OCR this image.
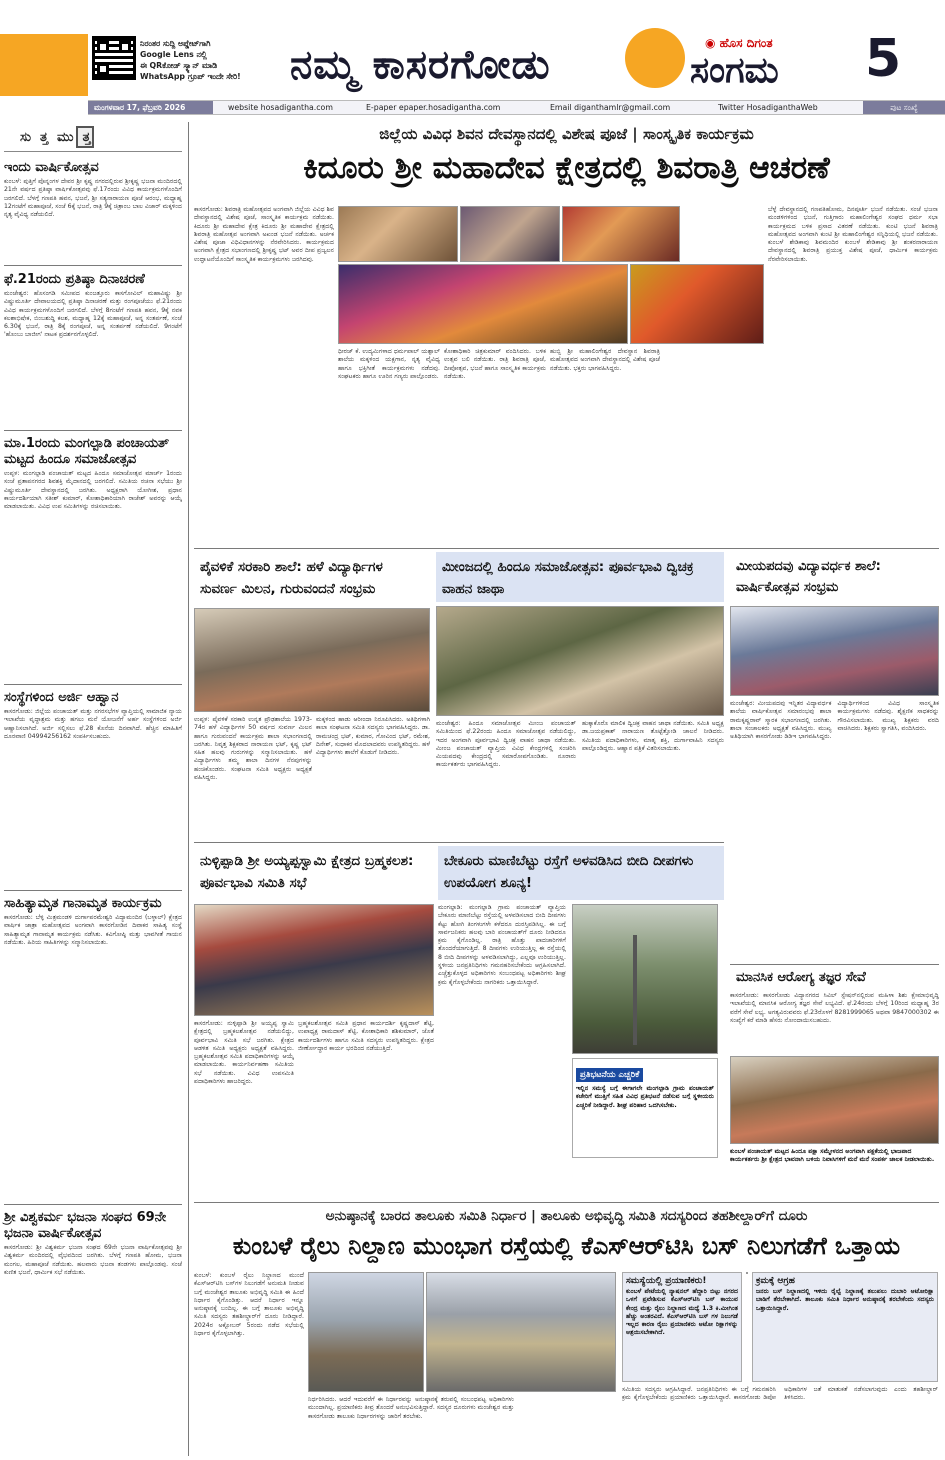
ನಿರಂತರ ಸುದ್ದಿ ಅಪ್ಡೇಟ್‌ಗಾಗಿ
Google Lens ನಲ್ಲಿ
ಈ QRಕೋಡ್ ಸ್ಕ್ಯಾನ್ ಮಾಡಿ
WhatsApp ಗ್ರೂಪ್ ಇಂದೇ ಸೇರಿ!	ನಮ್ಮ ಕಾಸರಗೋಡು	◉ ಹೊಸ ದಿಗಂತ
ಸಂಗಮ 5
ಮಂಗಳವಾರ 17, ಫೆಬ್ರವರಿ 2026	website hosadigantha.com	E-paper epaper.hosadigantha.com	Email diganthamlr@gmail.com	Twitter HosadiganthaWeb	ಪುಟ ಸಂಖ್ಯೆ
ಸುತ್ತಮುತ್ತ
ಇಂದು ವಾರ್ಷಿಕೋತ್ಸವ
ಕುಂಬಳೆ: ಪುತ್ತಿಗೆ ಪೊನ್ನಂಗಳ ದೇವರ ಶ್ರೀ ಕೃಷ್ಣ ನಗರದಲ್ಲಿರುವ ಶ್ರೀಕೃಷ್ಣ ಭಜನಾ ಮಂದಿರದಲ್ಲಿ 21ನೇ ವರ್ಷದ ಪ್ರತಿಷ್ಠಾ ವಾರ್ಷಿಕೋತ್ಸವವು ಫೆ.17ರಂದು ವಿವಿಧ ಕಾರ್ಯಕ್ರಮಗಳೊಂದಿಗೆ ಜರಗಲಿದೆ. ಬೆಳಗ್ಗೆ ಗಣಪತಿ ಹವನ, ಭಜನೆ, ಶ್ರೀ ಸತ್ಯನಾರಾಯಣ ಪೂಜೆ ಆರಂಭ, ಮಧ್ಯಾಹ್ನ 12ಗಂಟೆಗೆ ಮಹಾಪೂಜೆ, ಸಂಜೆ 6ಕ್ಕೆ ಭಜನೆ, ರಾತ್ರಿ 9ಕ್ಕೆ ಚಿತ್ರಾಂಬ ಬಾಲ ವಿಜಾರ್ ಮಕ್ಕಳಿಂದ ನೃತ್ಯ ವೈವಿಧ್ಯ ನಡೆಯಲಿದೆ.
ಫೆ.21ರಂದು ಪ್ರತಿಷ್ಠಾ ದಿನಾಚರಣೆ
ಮಂಜೇಶ್ವರ: ಹೊಸಂಗಡಿ ಸಮೀಪದ ಕುಂಜತ್ತೂರು ಕಾಸಗೋವಿಲ್ ಮಹಾವಿಷ್ಣು ಶ್ರೀ ವಿಷ್ಣುಮೂರ್ತಿ ದೇವಾಲಯದಲ್ಲಿ ಪ್ರತಿಷ್ಠಾ ದಿನಾಚರಣೆ ಮತ್ತು ರಂಗಪೂಜೆಯು ಫೆ.21ರಂದು ವಿವಿಧ ಕಾರ್ಯಕ್ರಮಗಳೊಂದಿಗೆ ಜರಗಲಿದೆ. ಬೆಳಗ್ಗೆ 8ಗಂಟೆಗೆ ಗಣಪತಿ ಹವನ, 9ಕ್ಕೆ ನವಕ ಕಲಶಾಭಿಷೇಕ, ಬಿಂಬಶುದ್ಧಿ ಕಲಶ, ಮಧ್ಯಾಹ್ನ 12ಕ್ಕೆ ಮಹಾಪೂಜೆ, ಅನ್ನ ಸಂತರ್ಪಣೆ, ಸಂಜೆ 6.30ಕ್ಕೆ ಭಜನೆ, ರಾತ್ರಿ 8ಕ್ಕೆ ರಂಗಪೂಜೆ, ಅನ್ನ ಸಂತರ್ಪಣೆ ನಡೆಯಲಿದೆ. 9ಗಂಟೆಗೆ 'ಹೊಂಬು ಬಾಜೀಗ' ನಾಟಕ ಪ್ರದರ್ಶನಗೊಳ್ಳಲಿದೆ.
ಮಾ.1ರಂದು ಮಂಗಲ್ಪಾಡಿ ಪಂಚಾಯತ್ ಮಟ್ಟದ ಹಿಂದೂ ಸಮಾಜೋತ್ಸವ
ಉಪ್ಪಳ: ಮಂಗಲ್ಪಾಡಿ ಪಂಚಾಯತ್ ಮಟ್ಟದ ಹಿಂದೂ ಸಮಾಜೋತ್ಸವ ಮಾರ್ಚ್ 1ರಂದು ಸಂಜೆ ಪ್ರತಾಪನಗರದ ಶಿವಶಕ್ತಿ ಮೈದಾನದಲ್ಲಿ ಜರಗಲಿದೆ. ಸಮಿತಿಯ ರಚನಾ ಸಭೆಯು ಶ್ರೀ ವಿಷ್ಣುಮೂರ್ತಿ ದೇವಸ್ಥಾನದಲ್ಲಿ ಜರಗಿತು. ಅಧ್ಯಕ್ಷರಾಗಿ ಯೋಗೀಶ, ಪ್ರಧಾನ ಕಾರ್ಯದರ್ಶಿಯಾಗಿ ಸತೀಶ್ ಕುಮಾರ್, ಕೋಶಾಧಿಕಾರಿಯಾಗಿ ರಾಜೇಶ್ ಅವರನ್ನು ಆಯ್ಕೆ ಮಾಡಲಾಯಿತು. ವಿವಿಧ ಉಪ ಸಮಿತಿಗಳನ್ನು ರಚಿಸಲಾಯಿತು.
ಸಂಸ್ಥೆಗಳಿಂದ ಅರ್ಜಿ ಆಹ್ವಾನ
ಕಾಸರಗೋಡು: ಜಿಲ್ಲೆಯ ಪಂಚಾಯತ್ ಮತ್ತು ನಗರಸಭೆಗಳ ವ್ಯಾಪ್ತಿಯಲ್ಲಿ ಸಾಮಾಜಿಕ ನ್ಯಾಯ ಇಲಾಖೆಯ ವೃದ್ಧಾಶ್ರಮ ಮತ್ತು ಹಗಲು ಮನೆ ಯೋಜನೆಗೆ ಅರ್ಹ ಸಂಸ್ಥೆಗಳಿಂದ ಅರ್ಜಿ ಆಹ್ವಾನಿಸಲಾಗಿದೆ. ಅರ್ಜಿ ಸಲ್ಲಿಸಲು ಫೆ.28 ಕೊನೆಯ ದಿನವಾಗಿದೆ. ಹೆಚ್ಚಿನ ಮಾಹಿತಿಗೆ ದೂರವಾಣಿ 04994256162 ಸಂಪರ್ಕಿಸಬಹುದು.
ಸಾಹಿತ್ಯಾಮೃತ ಗಾನಾಮೃತ ಕಾರ್ಯಕ್ರಮ
ಕಾಸರಗೋಡು: ಬೆಳ್ಳಿ ಮಿತ್ರಮಂಡಳಿ ದುರ್ಗಾಪರಮೇಶ್ವರಿ ವಿದ್ಯಾಮಂದಿರ (ಬಳ್ಳಾಲ್) ಕ್ಷೇತ್ರದ ವಾರ್ಷಿಕ ಜಾತ್ರಾ ಮಹೋತ್ಸವದ ಅಂಗವಾಗಿ ಕಾಸರಗೋಡಿನ ದಿವಾಕರ ಸಾಹಿತ್ಯ ಸಂಸ್ಥೆ ಸಾಹಿತ್ಯಾಮೃತ ಗಾನಾಮೃತ ಕಾರ್ಯಕ್ರಮ ನಡೆಸಿತು. ಕವಿಗೋಷ್ಠಿ ಮತ್ತು ಭಾವಗೀತೆ ಗಾಯನ ನಡೆಯಿತು. ಹಿರಿಯ ಸಾಹಿತಿಗಳನ್ನು ಸನ್ಮಾನಿಸಲಾಯಿತು.
ಶ್ರೀ ವಿಶ್ವಕರ್ಮ ಭಜನಾ ಸಂಘದ 69ನೇ ಭಜನಾ ವಾರ್ಷಿಕೋತ್ಸವ
ಕಾಸರಗೋಡು: ಶ್ರೀ ವಿಶ್ವಕರ್ಮ ಭಜನಾ ಸಂಘದ 69ನೇ ಭಜನಾ ವಾರ್ಷಿಕೋತ್ಸವವು ಶ್ರೀ ವಿಶ್ವಕರ್ಮ ಮಂದಿರದಲ್ಲಿ ವೈಭವದಿಂದ ಜರಗಿತು. ಬೆಳಗ್ಗೆ ಗಣಪತಿ ಹೋಮ, ಭಜನಾ ಮಂಗಲ, ಮಹಾಪೂಜೆ ನಡೆಯಿತು. ಹಲವಾರು ಭಜನಾ ತಂಡಗಳು ಪಾಲ್ಗೊಂಡವು. ಸಂಜೆ ಕುಣಿತ ಭಜನೆ, ಧಾರ್ಮಿಕ ಸಭೆ ನಡೆಯಿತು.
ಜಿಲ್ಲೆಯ ವಿವಿಧ ಶಿವನ ದೇವಸ್ಥಾನದಲ್ಲಿ ವಿಶೇಷ ಪೂಜೆ | ಸಾಂಸ್ಕೃತಿಕ ಕಾರ್ಯಕ್ರಮ
ಕಿದೂರು ಶ್ರೀ ಮಹಾದೇವ ಕ್ಷೇತ್ರದಲ್ಲಿ ಶಿವರಾತ್ರಿ ಆಚರಣೆ
ಕಾಸರಗೋಡು: ಶಿವರಾತ್ರಿ ಮಹೋತ್ಸವದ ಅಂಗವಾಗಿ ಜಿಲ್ಲೆಯ ವಿವಿಧ ಶಿವ ದೇವಸ್ಥಾನದಲ್ಲಿ ವಿಶೇಷ ಪೂಜೆ, ಸಾಂಸ್ಕೃತಿಕ ಕಾರ್ಯಕ್ರಮ ನಡೆಯಿತು. ಕಿದೂರು ಶ್ರೀ ಮಹಾದೇವ ಕ್ಷೇತ್ರ ಕಿದೂರು ಶ್ರೀ ಮಹಾದೇವ ಕ್ಷೇತ್ರದಲ್ಲಿ ಶಿವರಾತ್ರಿ ಮಹೋತ್ಸವ ಅಂಗವಾಗಿ ಅಖಂಡ ಭಜನೆ ನಡೆಯಿತು. ಅರ್ಚಕ ವಿಶೇಷ ಪೂಜಾ ವಿಧಿವಿಧಾನಗಳನ್ನು ನೆರವೇರಿಸಿದರು. ಕಾರ್ಯಕ್ರಮದ ಅಂಗವಾಗಿ ಕ್ಷೇತ್ರದ ಸಭಾಂಗಣದಲ್ಲಿ ಶ್ರೀಕೃಷ್ಣ ಭಟ್ ಅವರ ದೀಪ ಪ್ರಜ್ವಲನ ಉದ್ಘಾಟನೆಯೊಂದಿಗೆ ಸಾಂಸ್ಕೃತಿಕ ಕಾರ್ಯಕ್ರಮಗಳು ಜರಗಿದವು.
ಧೀರಜ್ ಕೆ. ಉದ್ಯಮಿಗಳಾದ ಧರ್ಮಪಾಲ್ ಯಶ್ಪಾಲ್ ಶಾಲೆಯ ಮಕ್ಕಳಿಂದ ಯಕ್ಷಗಾನ, ನೃತ್ಯ ವೈವಿಧ್ಯ ಹಾಗೂ ಭಕ್ತಿಗೀತೆ ಕಾರ್ಯಕ್ರಮಗಳು ನಡೆದವು. ಸಂಘಟಕರು ಹಾಗೂ ಊರಿನ ಗಣ್ಯರು ಪಾಲ್ಗೊಂಡರು.
ಕೋಶಾಧಿಕಾರಿ ಚಿತ್ರಕುಮಾರ್ ವಂದಿಸಿದರು. ಬಳಿಕ ಉತ್ಸವ ಬಲಿ ನಡೆಯಿತು. ರಾತ್ರಿ ಶಿವರಾತ್ರಿ ಪೂಜೆ, ದೀಪೋತ್ಸವ, ಭಜನೆ ಹಾಗೂ ಸಾಂಸ್ಕೃತಿಕ ಕಾರ್ಯಕ್ರಮ ನಡೆಯಿತು.
ಹುಬ್ಬಿ ಶ್ರೀ ಮಹಾಲಿಂಗೇಶ್ವರ ದೇವಸ್ಥಾನ ಶಿವರಾತ್ರಿ ಮಹೋತ್ಸವದ ಅಂಗವಾಗಿ ದೇವಸ್ಥಾನದಲ್ಲಿ ವಿಶೇಷ ಪೂಜೆ ನಡೆಯಿತು. ಭಕ್ತರು ಭಾಗವಹಿಸಿದ್ದರು.
ಬೆಳ್ಳೆ ದೇವಸ್ಥಾನದಲ್ಲಿ ಗಣಪತಿಹೋಮ, ದಿನಪೂರ್ತಿ ಭಜನೆ ನಡೆಯಿತು. ಸಂಜೆ ಭಜನಾ ಮಂಡಳಿಗಳಿಂದ ಭಜನೆ, ಗುತ್ತಿಗಾರು ಮಹಾಲಿಂಗೇಶ್ವರ ಸಂಘದ ಧರ್ಮ ಸಭಾ ಕಾರ್ಯಕ್ರಮದ ಬಳಿಕ ಪ್ರಸಾದ ವಿತರಣೆ ನಡೆಯಿತು. ಕುಂಟಿ ಭಜನೆ ಶಿವರಾತ್ರಿ ಮಹೋತ್ಸವದ ಅಂಗವಾಗಿ ಕುಂಟಿ ಶ್ರೀ ಮಹಾಲಿಂಗೇಶ್ವರ ಸನ್ನಿಧಿಯಲ್ಲಿ ಭಜನೆ ನಡೆಯಿತು. ಕುಂಬಳೆ ಶೇಡಿಕಾವು ಶಿವಮಂದಿರ ಕುಂಬಳೆ ಶೇಡಿಕಾವು ಶ್ರೀ ಶಂಕರನಾರಾಯಣ ದೇವಸ್ಥಾನದಲ್ಲಿ ಶಿವರಾತ್ರಿ ಪ್ರಯುಕ್ತ ವಿಶೇಷ ಪೂಜೆ, ಧಾರ್ಮಿಕ ಕಾರ್ಯಕ್ರಮ ನೆರವೇರಿಸಲಾಯಿತು.
ಪೈವಳಿಕೆ ಸರಕಾರಿ ಶಾಲೆ: ಹಳೆ ವಿದ್ಯಾರ್ಥಿಗಳ ಸುವರ್ಣ ಮಿಲನ, ಗುರುವಂದನೆ ಸಂಭ್ರಮ
ಉಪ್ಪಳ: ಪೈವಳಿಕೆ ಸರಕಾರಿ ಉನ್ನತ ಪ್ರೌಢಶಾಲೆಯ 1973-74ರ ಹಳೆ ವಿದ್ಯಾರ್ಥಿಗಳ 50 ವರ್ಷದ ಸುವರ್ಣ ಮಿಲನ ಹಾಗೂ ಗುರುವಂದನೆ ಕಾರ್ಯಕ್ರಮ ಶಾಲಾ ಸಭಾಂಗಣದಲ್ಲಿ ಜರಗಿತು. ನಿವೃತ್ತ ಶಿಕ್ಷಕರಾದ ನಾರಾಯಣ ಭಟ್, ಕೃಷ್ಣ ಭಟ್ ಸಹಿತ ಹಲವು ಗುರುಗಳನ್ನು ಸನ್ಮಾನಿಸಲಾಯಿತು. ಹಳೆ ವಿದ್ಯಾರ್ಥಿಗಳು ತಮ್ಮ ಶಾಲಾ ದಿನಗಳ ನೆನಪುಗಳನ್ನು ಹಂಚಿಕೊಂಡರು. ಸಂಘಟನಾ ಸಮಿತಿ ಅಧ್ಯಕ್ಷರು ಅಧ್ಯಕ್ಷತೆ ವಹಿಸಿದ್ದರು.
ಮಕ್ಕಳಿಂದ ಹಾಡು ಆರೀಂದಾ ನಿರೂಪಿಸಿದರು. ಅತಿಥಿಗಳಾಗಿ ಕಾಲಾ ಸಂಘಟನಾ ಸಮಿತಿ ಸದಸ್ಯರು ಭಾಗವಹಿಸಿದ್ದರು. ಡಾ. ರಾಮಚಂದ್ರ ಭಟ್, ಕುಮಾರ, ಗೋವಿಂದ ಭಟ್, ರಮೇಶ, ದಿನೇಶ್, ಸುಧಾಕರ ಮೊದಲಾದವರು ಉಪಸ್ಥಿತರಿದ್ದರು. ಹಳೆ ವಿದ್ಯಾರ್ಥಿಗಳು ಶಾಲೆಗೆ ಕೊಡುಗೆ ನೀಡಿದರು.
ಮೀಂಜದಲ್ಲಿ ಹಿಂದೂ ಸಮಾಜೋತ್ಸವ: ಪೂರ್ವಭಾವಿ ದ್ವಿಚಕ್ರ ವಾಹನ ಜಾಥಾ
ಮಂಜೇಶ್ವರ: ಹಿಂದೂ ಸಮಾಜೋತ್ಸವ ಮೀಂಜ ಪಂಚಾಯತ್ ಸಮಿತಿಯಿಂದ ಫೆ.22ರಂದು ಹಿಂದೂ ಸಮಾಜೋತ್ಸವ ನಡೆಯಲಿದ್ದು, ಇದರ ಅಂಗವಾಗಿ ಪೂರ್ವಭಾವಿ ದ್ವಿಚಕ್ರ ವಾಹನ ಜಾಥಾ ನಡೆಯಿತು. ಮೀಂಜ ಪಂಚಾಯತ್ ವ್ಯಾಪ್ತಿಯ ವಿವಿಧ ಕೇಂದ್ರಗಳಲ್ಲಿ ಸಂಚರಿಸಿ ಮಿಯಪದವು ಕೇಂದ್ರದಲ್ಲಿ ಸಮಾರೋಪಗೊಂಡಿತು. ನೂರಾರು ಕಾರ್ಯಕರ್ತರು ಭಾಗವಹಿಸಿದ್ದರು.
ಹುಕ್ಕಾಕೊರೊ ಮಾಲಿಕ ದ್ವಿಚಕ್ರ ವಾಹನ ಜಾಥಾ ನಡೆಯಿತು. ಸಮಿತಿ ಅಧ್ಯಕ್ಷ ಡಾ.ಜಯಪ್ರಕಾಶ್ ನಾರಾಯಣ ತೊಟ್ಟೆತ್ತೋಡಿ ಚಾಲನೆ ನೀಡಿದರು. ಸಮಿತಿಯ ಪದಾಧಿಕಾರಿಗಳು, ಮಾತೃ ಶಕ್ತಿ, ದುರ್ಗಾವಾಹಿನಿ ಸದಸ್ಯರು ಪಾಲ್ಗೊಂಡಿದ್ದರು. ಆಹ್ವಾನ ಪತ್ರಿಕೆ ವಿತರಿಸಲಾಯಿತು.
ಮೀಯಪದವು ವಿದ್ಯಾವರ್ಧಕ ಶಾಲೆ: ವಾರ್ಷಿಕೋತ್ಸವ ಸಂಭ್ರಮ
ಮಂಜೇಶ್ವರ: ಮೀಯಪದವು ಇನ್ನಿತರ ವಿದ್ಯಾವರ್ಧಕ ಶಾಲೆಯ ವಾರ್ಷಿಕೋತ್ಸವ ಸಮಾರಂಭವು ಶಾಲಾ ರಾಮಕೃಷ್ಣರಾವ್ ಸ್ಮಾರಕ ಸಭಾಂಗಣದಲ್ಲಿ ಜರಗಿತು. ಶಾಲಾ ಸಂಚಾಲಕರು ಅಧ್ಯಕ್ಷತೆ ವಹಿಸಿದ್ದರು. ಮುಖ್ಯ ಅತಿಥಿಯಾಗಿ ಕಾಸರಗೋಡು ಡಿಡಿಇ ಭಾಗವಹಿಸಿದ್ದರು. ವಿದ್ಯಾರ್ಥಿಗಳಿಂದ ವಿವಿಧ ಸಾಂಸ್ಕೃತಿಕ ಕಾರ್ಯಕ್ರಮಗಳು ನಡೆದವು. ಶೈಕ್ಷಣಿಕ ಸಾಧಕರನ್ನು ಗೌರವಿಸಲಾಯಿತು. ಮುಖ್ಯ ಶಿಕ್ಷಕರು ವರದಿ ವಾಚಿಸಿದರು. ಶಿಕ್ಷಕರು ಸ್ವಾಗತಿಸಿ, ವಂದಿಸಿದರು.
ನುಳ್ಳಿಪ್ಪಾಡಿ ಶ್ರೀ ಅಯ್ಯಪ್ಪಸ್ವಾಮಿ ಕ್ಷೇತ್ರದ ಬ್ರಹ್ಮಕಲಶ: ಪೂರ್ವಭಾವಿ ಸಮಿತಿ ಸಭೆ
ಕಾಸರಗೋಡು: ನುಳ್ಳಿಪ್ಪಾಡಿ ಶ್ರೀ ಅಯ್ಯಪ್ಪ ಸ್ವಾಮಿ ಕ್ಷೇತ್ರದಲ್ಲಿ ಬ್ರಹ್ಮಕಲಶೋತ್ಸವ ನಡೆಯಲಿದ್ದು, ಪೂರ್ವಭಾವಿ ಸಮಿತಿ ಸಭೆ ಜರಗಿತು. ಕ್ಷೇತ್ರದ ಆಡಳಿತ ಸಮಿತಿ ಅಧ್ಯಕ್ಷರು ಅಧ್ಯಕ್ಷತೆ ವಹಿಸಿದ್ದರು. ಬ್ರಹ್ಮಕಲಶೋತ್ಸವ ಸಮಿತಿ ಪದಾಧಿಕಾರಿಗಳನ್ನು ಆಯ್ಕೆ ಮಾಡಲಾಯಿತು. ಕಾರ್ಯನಿರ್ವಹಣಾ ಸಮಿತಿಯ ಸಭೆ ನಡೆಯಿತು. ವಿವಿಧ ಉಪಸಮಿತಿ ಪದಾಧಿಕಾರಿಗಳು ಹಾಜರಿದ್ದರು.
ಬ್ರಹ್ಮಕಲಶೋತ್ಸವ ಸಮಿತಿ ಪ್ರಧಾನ ಕಾರ್ಯದರ್ಶಿ ಕೃಷ್ಣದಾಸ್ ಶೆಟ್ಟಿ, ಉಪಾಧ್ಯಕ್ಷ ರಾಮದಾಸ್ ಶೆಟ್ಟಿ, ಕೋಶಾಧಿಕಾರಿ ಶಶಿಕುಮಾರ್, ಜೊತೆ ಕಾರ್ಯದರ್ಶಿಗಳು ಹಾಗೂ ಸಮಿತಿ ಸದಸ್ಯರು ಉಪಸ್ಥಿತರಿದ್ದರು. ಕ್ಷೇತ್ರದ ಜೀರ್ಣೋದ್ಧಾರ ಕಾರ್ಯ ಭರದಿಂದ ನಡೆಯುತ್ತಿದೆ.
ಬೇಕೂರು ಮಾಣಿಬೆಟ್ಟು ರಸ್ತೆಗೆ ಅಳವಡಿಸಿದ ಬೀದಿ ದೀಪಗಳು ಉಪಯೋಗ ಶೂನ್ಯ!
ಮಂಗಲ್ಪಾಡಿ: ಮಂಗಲ್ಪಾಡಿ ಗ್ರಾಮ ಪಂಚಾಯತ್ ವ್ಯಾಪ್ತಿಯ ಬೇಕೂರು ಮಾಣಿಬೆಟ್ಟು ರಸ್ತೆಯಲ್ಲಿ ಅಳವಡಿಸಲಾದ ಬೀದಿ ದೀಪಗಳು ಕೆಟ್ಟು ಹೋಗಿ ತಿಂಗಳುಗಳೇ ಕಳೆದರೂ ದುರಸ್ತಿಪಡಿಸಿಲ್ಲ. ಈ ಬಗ್ಗೆ ಸಾರ್ವಜನಿಕರು ಹಲವು ಬಾರಿ ಪಂಚಾಯತ್‌ಗೆ ದೂರು ನೀಡಿದರೂ ಕ್ರಮ ಕೈಗೊಂಡಿಲ್ಲ. ರಾತ್ರಿ ಹೊತ್ತು ಪಾದಚಾರಿಗಳಿಗೆ ತೊಂದರೆಯಾಗುತ್ತಿದೆ. 8 ದೀಪಗಳು ಉರಿಯುತ್ತಿಲ್ಲ ಈ ರಸ್ತೆಯಲ್ಲಿ 8 ಬೀದಿ ದೀಪಗಳನ್ನು ಅಳವಡಿಸಲಾಗಿದ್ದು, ಎಲ್ಲವೂ ಉರಿಯುತ್ತಿಲ್ಲ. ಸ್ಥಳೀಯ ಜನಪ್ರತಿನಿಧಿಗಳು ಗಮನಹರಿಸಬೇಕೆಂದು ಆಗ್ರಹಿಸಲಾಗಿದೆ. ಎಚ್ಚೆತ್ತುಕೊಳ್ಳದ ಅಧಿಕಾರಿಗಳು ಸಂಬಂಧಪಟ್ಟ ಅಧಿಕಾರಿಗಳು ಶೀಘ್ರ ಕ್ರಮ ಕೈಗೊಳ್ಳಬೇಕೆಂದು ನಾಗರಿಕರು ಒತ್ತಾಯಿಸಿದ್ದಾರೆ.
ಪ್ರತಿಭಟನೆಯ ಎಚ್ಚರಿಕೆ
ಇಲ್ಲಿನ ಸಮಸ್ಯೆ ಬಗ್ಗೆ ಈಗಾಗಲೇ ಮಂಗಲ್ಪಾಡಿ ಗ್ರಾಮ ಪಂಚಾಯತ್ ಕಚೇರಿಗೆ ಮುತ್ತಿಗೆ ಸಹಿತ ವಿವಿಧ ಪ್ರತಿಭಟನೆ ನಡೆಸುವ ಬಗ್ಗೆ ಸ್ಥಳೀಯರು ಎಚ್ಚರಿಕೆ ನೀಡಿದ್ದಾರೆ. ಶೀಘ್ರ ಪರಿಹಾರ ಒದಗಿಸಬೇಕು.
ಮಾನಸಿಕ ಆರೋಗ್ಯ ತಜ್ಞರ ಸೇವೆ
ಕಾಸರಗೋಡು: ಕಾಸರಗೋಡು ವಿದ್ಯಾನಗರದ ಸಿವಿಲ್ ಸ್ಟೇಷನ್‌ನಲ್ಲಿರುವ ಮಹಿಳಾ ಶಿಶು ಕ್ಷೇಮಾಭಿವೃದ್ಧಿ ಇಲಾಖೆಯಲ್ಲಿ ಮಾನಸಿಕ ಆರೋಗ್ಯ ತಜ್ಞರ ಸೇವೆ ಲಭ್ಯವಿದೆ. ಫೆ.24ರಂದು ಬೆಳಗ್ಗೆ 10ರಿಂದ ಮಧ್ಯಾಹ್ನ 3ರ ವರೆಗೆ ಸೇವೆ ಲಭ್ಯ. ಅಗತ್ಯವಿರುವವರು ಫೆ.23ರೊಳಗೆ 8281999065 ಅಥವಾ 9847000302 ಈ ಸಂಖ್ಯೆಗೆ ಕರೆ ಮಾಡಿ ಹೆಸರು ನೋಂದಾಯಿಸಬಹುದು.
ಕುಂಬಳೆ ಪಂಚಾಯತ್ ಮಟ್ಟದ ಹಿಂದೂ ಪಕ್ಷಾ ಸಮ್ಮೇಳನದ ಅಂಗವಾಗಿ ಪಕ್ಷಕೆಯಲ್ಲಿ ಭಾಜಪಾದ ಕಾರ್ಯಕರ್ತರು ಶ್ರೀ ಕ್ಷೇತ್ರದ ಭಾವನಾಗಿ ಬಳಿಯ ನಿವಾಸಿಗಳಿಗೆ ಮನೆ ಮನೆ ಸಂಪರ್ಕ ಜಾಲಕ ನೀಡಲಾಯಿತು.
ಅನುಷ್ಠಾನಕ್ಕೆ ಬಾರದ ತಾಲೂಕು ಸಮಿತಿ ನಿರ್ಧಾರ | ತಾಲೂಕು ಅಭಿವೃದ್ಧಿ ಸಮಿತಿ ಸದಸ್ಯರಿಂದ ತಹಶೀಲ್ದಾರ್‌ಗೆ ದೂರು
ಕುಂಬಳೆ ರೈಲು ನಿಲ್ದಾಣ ಮುಂಭಾಗ ರಸ್ತೆಯಲ್ಲಿ ಕೆಎಸ್ಆರ್‌ಟಿಸಿ ಬಸ್ ನಿಲುಗಡೆಗೆ ಒತ್ತಾಯ
ಕುಂಬಳೆ: ಕುಂಬಳೆ ರೈಲು ನಿಲ್ದಾಣದ ಮುಂದೆ ಕೆಎಸ್ಆರ್‌ಟಿಸಿ ಬಸ್‌ಗಳ ನಿಲುಗಡೆಗೆ ಅನುಮತಿ ನೀಡುವ ಬಗ್ಗೆ ಮಂಜೇಶ್ವರ ತಾಲೂಕು ಅಭಿವೃದ್ಧಿ ಸಮಿತಿ ಈ ಹಿಂದೆ ನಿರ್ಧಾರ ಕೈಗೊಂಡಿತ್ತು. ಆದರೆ ನಿರ್ಧಾರ ಇನ್ನೂ ಅನುಷ್ಠಾನಕ್ಕೆ ಬಂದಿಲ್ಲ. ಈ ಬಗ್ಗೆ ತಾಲೂಕು ಅಭಿವೃದ್ಧಿ ಸಮಿತಿ ಸದಸ್ಯರು ತಹಶೀಲ್ದಾರ್‌ಗೆ ದೂರು ನೀಡಿದ್ದಾರೆ. 2024ರ ಅಕ್ಟೋಬರ್ 5ರಂದು ನಡೆದ ಸಭೆಯಲ್ಲಿ ನಿರ್ಧಾರ ಕೈಗೊಳ್ಳಲಾಗಿತ್ತು.
ನಿರ್ಧರಿಸಿದರು. ಆದರೆ ಇದುವರೆಗೆ ಈ ನಿರ್ಧಾರವನ್ನು ಅನುಷ್ಠಾನಕ್ಕೆ ತರುವಲ್ಲಿ ಸಂಬಂಧಪಟ್ಟ ಅಧಿಕಾರಿಗಳು ಮುಂದಾಗಿಲ್ಲ. ಪ್ರಯಾಣಿಕರು ತೀವ್ರ ತೊಂದರೆ ಅನುಭವಿಸುತ್ತಿದ್ದಾರೆ. ಸದಸ್ಯರ ದೂರುಗಳು ಮಂಜೇಶ್ವರ ಮತ್ತು ಕಾಸರಗೋಡು ತಾಲೂಕು ನಿರ್ಧಾರಗಳನ್ನು ಜಾರಿಗೆ ತರಬೇಕು.
ಸಮಸ್ಯೆಯಲ್ಲಿ ಪ್ರಯಾಣಿಕರು!
ಕುಂಬಳೆ ಪೇಟೆಯಲ್ಲಿ ನ್ಯಾಷನಲ್ ಹೆದ್ದಾರಿ ಬಿಟ್ಟು ನಗರದ ಒಳಗೆ ಪ್ರವೇಶಿಸುವ ಕೆಎಸ್ಆರ್‌ಟಿಸಿ ಬಸ್ ಕಾಯುವ ಕೇಂದ್ರ ಮತ್ತು ರೈಲು ನಿಲ್ದಾಣದ ಮಧ್ಯೆ 1.3 ಕಿ.ಮೀಗಿಂತ ಹೆಚ್ಚು ಅಂತರವಿದೆ. ಕೆಎಸ್ಆರ್‌ಟಿಸಿ ಬಸ್ ಗಳ ನಿಲುಗಡೆ ಇಲ್ಲದ ಕಾರಣ ರೈಲು ಪ್ರಯಾಣಿಕರು ಆಟೋ ರಿಕ್ಷಾಗಳನ್ನು ಆಶ್ರಯಿಸಬೇಕಾಗಿದೆ.
ಕ್ರಮಕ್ಕೆ ಆಗ್ರಹ
ಜನರು ಬಸ್ ನಿಲ್ದಾಣದಲ್ಲಿ ಇಳಿದು ರೈಲ್ವೆ ನಿಲ್ದಾಣಕ್ಕೆ ತಲುಪಲು ದುಬಾರಿ ಆಟೋರಿಕ್ಷಾ ಬಾಡಿಗೆ ತೆರಬೇಕಾಗಿದೆ. ತಾಲೂಕು ಸಮಿತಿ ನಿರ್ಧಾರ ಅನುಷ್ಠಾನಕ್ಕೆ ತರಬೇಕೆಂದು ಸದಸ್ಯರು ಒತ್ತಾಯಿಸಿದ್ದಾರೆ.
ಸಮಿತಿಯ ಸದಸ್ಯರು ಆಗ್ರಹಿಸಿದ್ದಾರೆ. ಜನಪ್ರತಿನಿಧಿಗಳು ಈ ಬಗ್ಗೆ ಗಮನಹರಿಸಿ ಕ್ರಮ ಕೈಗೊಳ್ಳಬೇಕೆಂದು ಪ್ರಯಾಣಿಕರು ಒತ್ತಾಯಿಸಿದ್ದಾರೆ. ಕಾಸರಗೋಡು ಡಿಪೋ ಅಧಿಕಾರಿಗಳ ಜತೆ ಮಾತುಕತೆ ನಡೆಸಲಾಗುವುದು ಎಂದು ತಹಶೀಲ್ದಾರ್ ತಿಳಿಸಿದರು.
